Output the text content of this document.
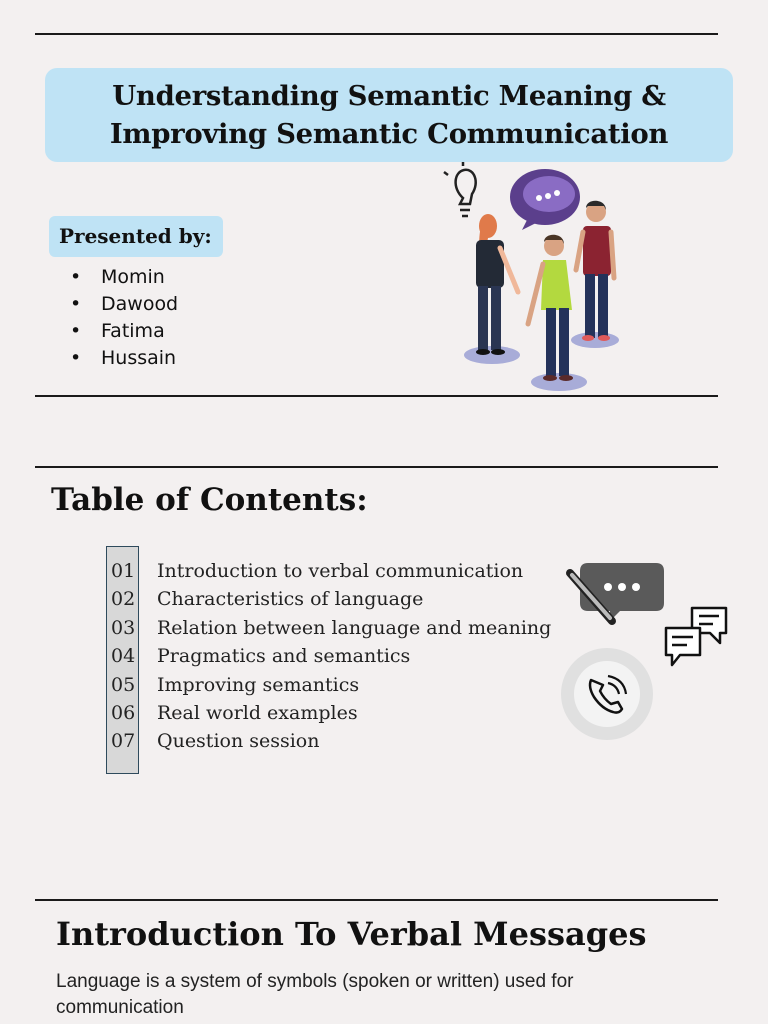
Understanding Semantic Meaning & Improving Semantic Communication
Presented by:
• Momin
• Dawood
• Fatima
• Hussain
Table of Contents:
01 Introduction to verbal communication
02 Characteristics of language
03 Relation between language and meaning
04 Pragmatics and semantics
05 Improving semantics
06 Real world examples
07 Question session
Introduction To Verbal Messages
Language is a system of symbols (spoken or written) used for communication
